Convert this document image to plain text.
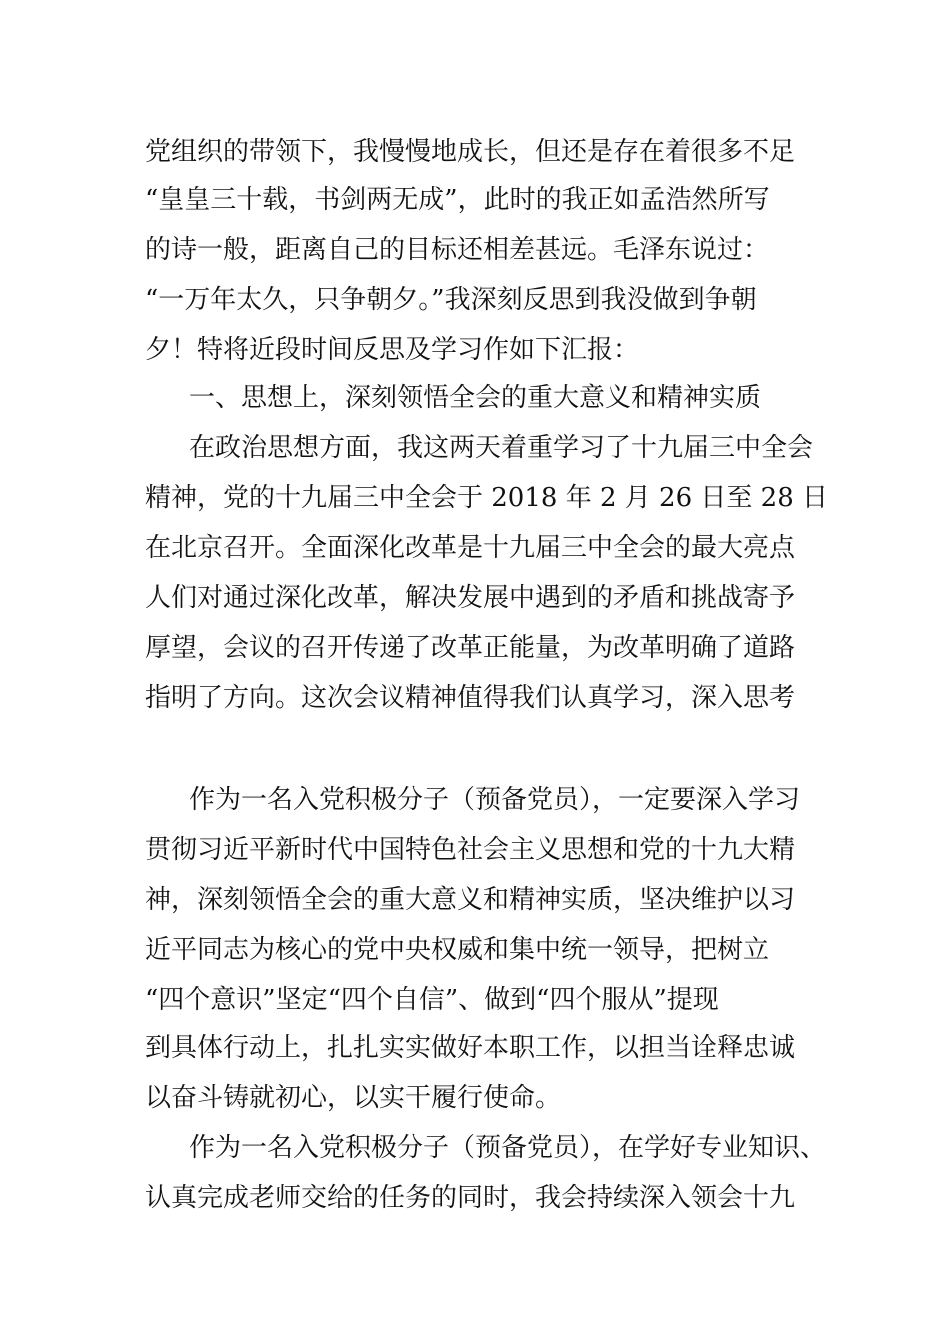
党组织的带领下，我慢慢地成长，但还是存在着很多不足
“皇皇三十载，书剑两无成”，此时的我正如孟浩然所写
的诗一般，距离自己的目标还相差甚远。毛泽东说过：
“一万年太久，只争朝夕。”我深刻反思到我没做到争朝
夕！特将近段时间反思及学习作如下汇报：
一、思想上，深刻领悟全会的重大意义和精神实质
在政治思想方面，我这两天着重学习了十九届三中全会
精神，党的十九届三中全会于 2018 年 2 月 26 日至 28 日
在北京召开。全面深化改革是十九届三中全会的最大亮点
人们对通过深化改革，解决发展中遇到的矛盾和挑战寄予
厚望，会议的召开传递了改革正能量，为改革明确了道路
指明了方向。这次会议精神值得我们认真学习，深入思考
作为一名入党积极分子（预备党员），一定要深入学习
贯彻习近平新时代中国特色社会主义思想和党的十九大精
神，深刻领悟全会的重大意义和精神实质，坚决维护以习
近平同志为核心的党中央权威和集中统一领导，把树立
“四个意识”坚定“四个自信”、做到“四个服从”提现
到具体行动上，扎扎实实做好本职工作，以担当诠释忠诚
以奋斗铸就初心，以实干履行使命。
作为一名入党积极分子（预备党员），在学好专业知识、
认真完成老师交给的任务的同时，我会持续深入领会十九
